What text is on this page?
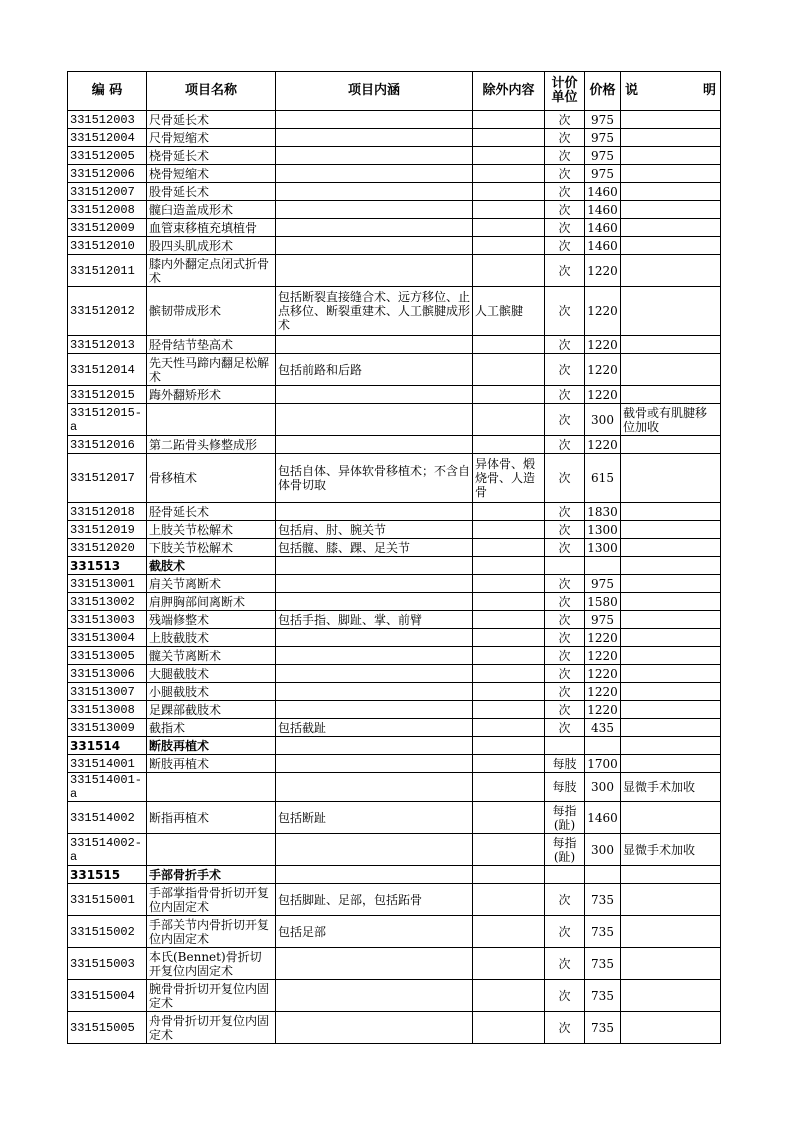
编 码	项目名称	项目内涵	除外内容	计价单位	价格	说 明

331512003	尺骨延长术			次	975	
331512004	尺骨短缩术			次	975	
331512005	桡骨延长术			次	975	
331512006	桡骨短缩术			次	975	
331512007	股骨延长术			次	1460	
331512008	髋臼造盖成形术			次	1460	
331512009	血管束移植充填植骨			次	1460	
331512010	股四头肌成形术			次	1460	
331512011	膝内外翻定点闭式折骨术			次	1220	
331512012	髌韧带成形术	包括断裂直接缝合术、远方移位、止点移位、断裂重建术、人工髌腱成形术	人工髌腱	次	1220	
331512013	胫骨结节垫高术			次	1220	
331512014	先天性马蹄内翻足松解术	包括前路和后路		次	1220	
331512015	踇外翻矫形术			次	1220	
331512015-a				次	300	截骨或有肌腱移位加收
331512016	第二跖骨头修整成形			次	1220	
331512017	骨移植术	包括自体、异体软骨移植术；不含自体骨切取	异体骨、煅烧骨、人造骨	次	615	
331512018	胫骨延长术			次	1830	
331512019	上肢关节松解术	包括肩、肘、腕关节		次	1300	
331512020	下肢关节松解术	包括髋、膝、踝、足关节		次	1300	
331513	截肢术					
331513001	肩关节离断术			次	975	
331513002	肩胛胸部间离断术			次	1580	
331513003	残端修整术	包括手指、脚趾、掌、前臂		次	975	
331513004	上肢截肢术			次	1220	
331513005	髋关节离断术			次	1220	
331513006	大腿截肢术			次	1220	
331513007	小腿截肢术			次	1220	
331513008	足踝部截肢术			次	1220	
331513009	截指术	包括截趾		次	435	
331514	断肢再植术					
331514001	断肢再植术			每肢	1700	
331514001-a				每肢	300	显微手术加收
331514002	断指再植术	包括断趾		每指(趾)	1460	
331514002-a				每指(趾)	300	显微手术加收
331515	手部骨折手术					
331515001	手部掌指骨骨折切开复位内固定术	包括脚趾、足部，包括跖骨		次	735	
331515002	手部关节内骨折切开复位内固定术	包括足部		次	735	
331515003	本氏(Bennet)骨折切开复位内固定术			次	735	
331515004	腕骨骨折切开复位内固定术			次	735	
331515005	舟骨骨折切开复位内固定术			次	735	
